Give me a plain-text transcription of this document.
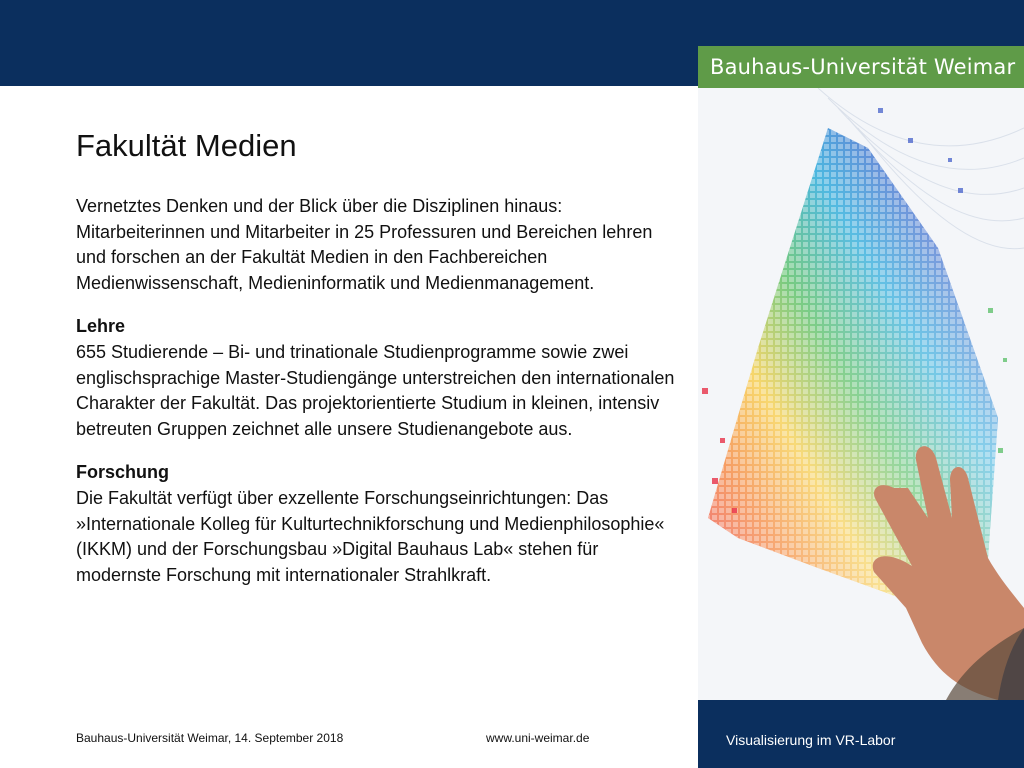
Bauhaus-Universität Weimar
Fakultät Medien

Vernetztes Denken und der Blick über die Disziplinen hinaus: Mitarbeiterinnen und Mitarbeiter in 25 Professuren und Bereichen lehren und forschen an der Fakultät Medien in den Fachbereichen Medienwissenschaft, Medieninformatik und Medienmanagement.

Lehre
655 Studierende – Bi- und trinationale Studienprogramme sowie zwei englischsprachige Master-Studiengänge unterstreichen den internationalen Charakter der Fakultät. Das projektorientierte Studium in kleinen, intensiv betreuten Gruppen zeichnet alle unsere Studienangebote aus.

Forschung
Die Fakultät verfügt über exzellente Forschungseinrichtungen: Das »Internationale Kolleg für Kulturtechnikforschung und Medienphilosophie« (IKKM) und der Forschungsbau »Digital Bauhaus Lab« stehen für modernste Forschung mit internationaler Strahlkraft.

Visualisierung im VR-Labor
Bauhaus-Universität Weimar, 14. September 2018	www.uni-weimar.de
